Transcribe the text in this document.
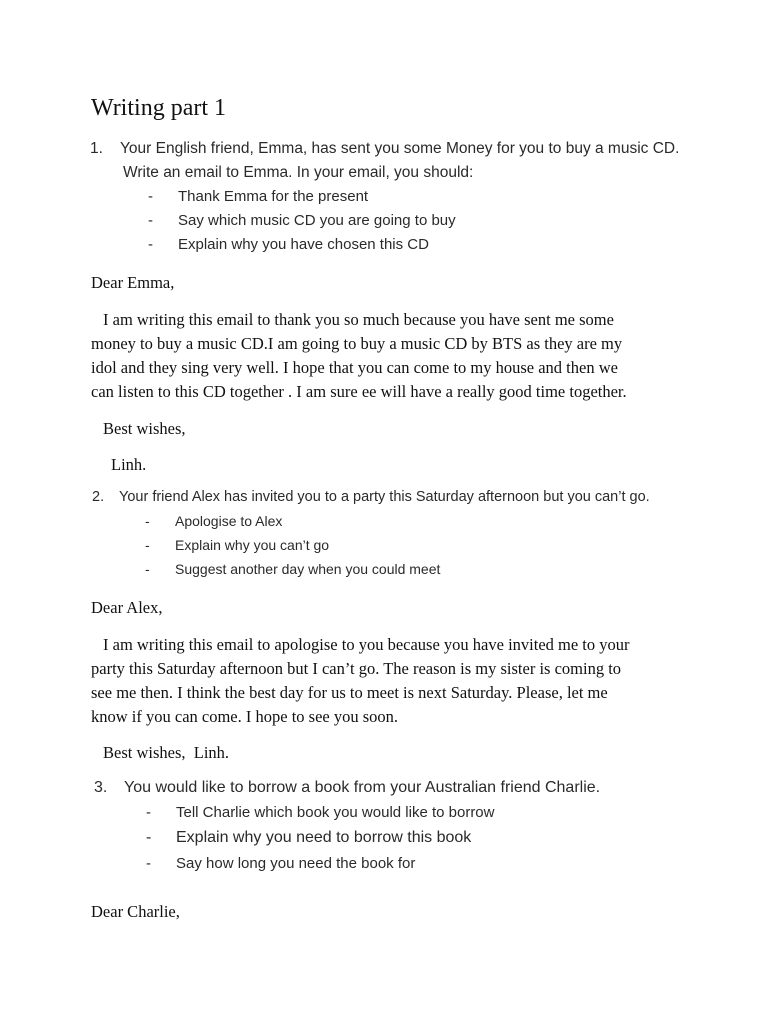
Writing part 1
1.	Your English friend, Emma, has sent you some Money for you to buy a music CD.
Write an email to Emma. In your email, you should:
-	Thank Emma for the present
-	Say which music CD you are going to buy
-	Explain why you have chosen this CD

Dear Emma,

I am writing this email to thank you so much because you have sent me some

money to buy a music CD.I am going to buy a music CD by BTS as they are my

idol and they sing very well. I hope that you can come to my house and then we

can listen to this CD together . I am sure ee will have a really good time together.

Best wishes,

Linh.

2.	Your friend Alex has invited you to a party this Saturday afternoon but you can’t go.
-	Apologise to Alex
-	Explain why you can’t go
-	Suggest another day when you could meet

Dear Alex,

I am writing this email to apologise to you because you have invited me to your

party this Saturday afternoon but I can’t go. The reason is my sister is coming to

see me then. I think the best day for us to meet is next Saturday. Please, let me

know if you can come. I hope to see you soon.

Best wishes,  Linh.

3.	You would like to borrow a book from your Australian friend Charlie.
-	Tell Charlie which book you would like to borrow
-	Explain why you need to borrow this book
-	Say how long you need the book for

Dear Charlie,
